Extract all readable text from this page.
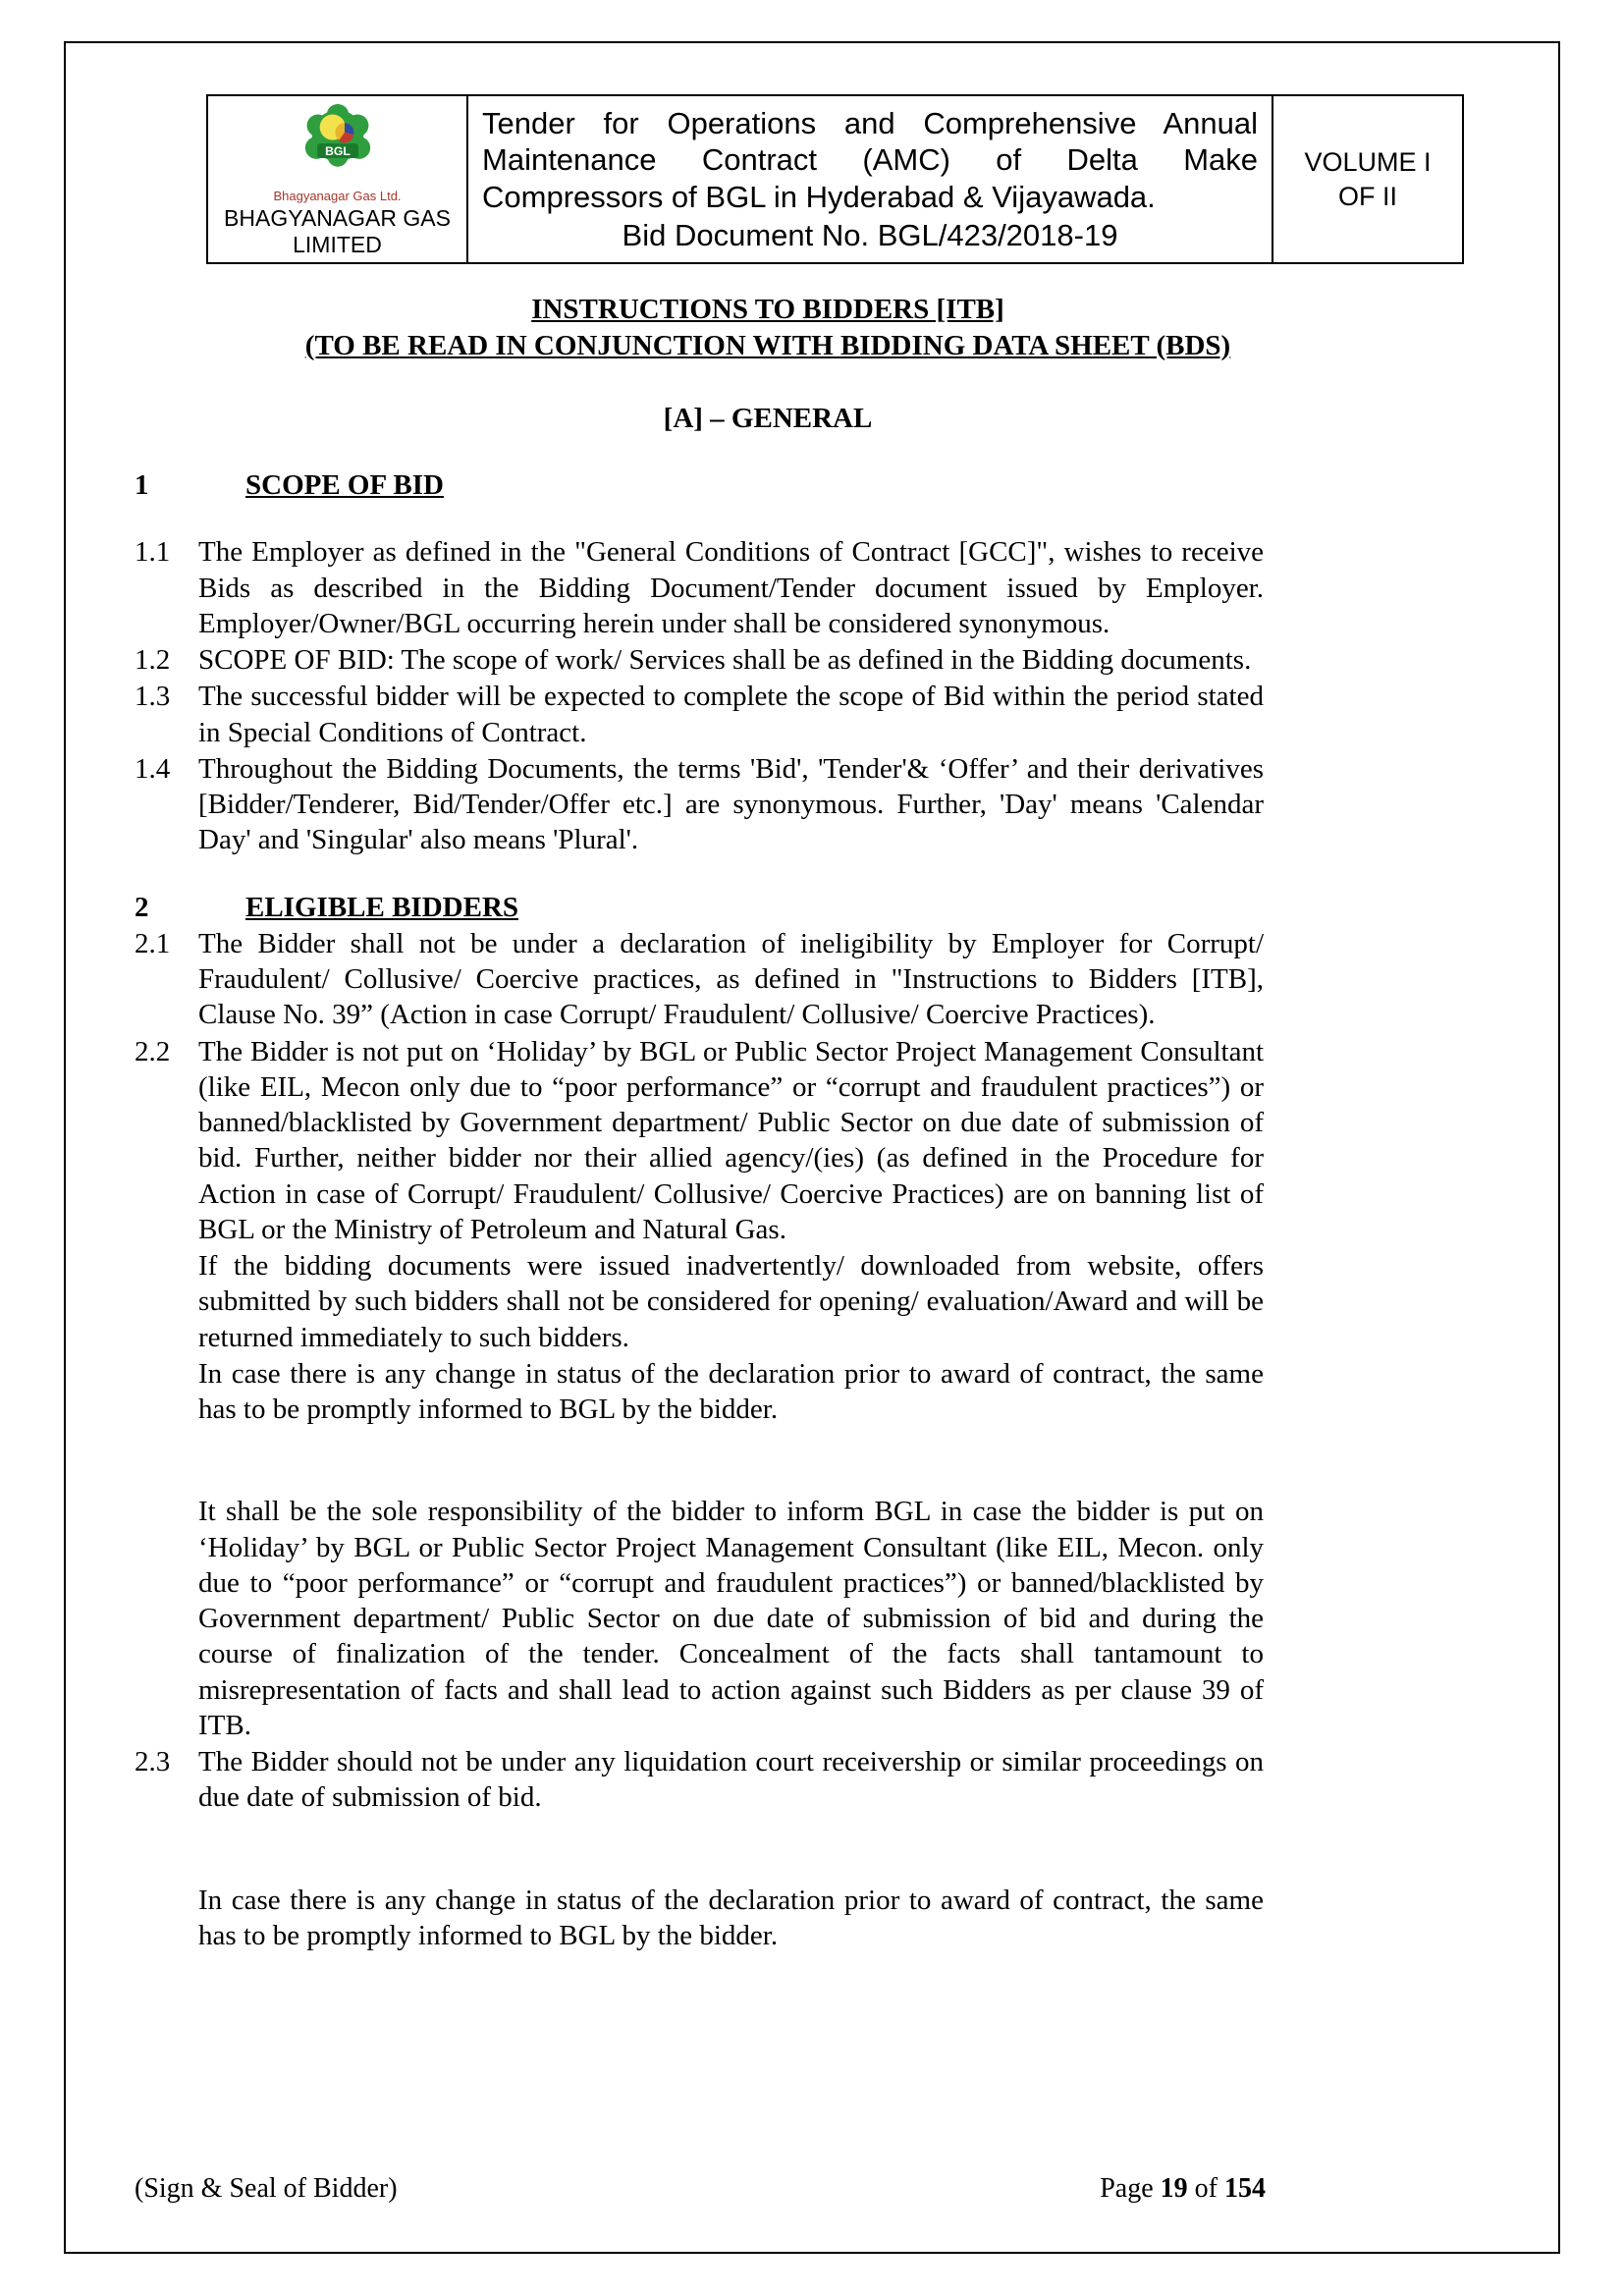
BGL
Bhagyanagar Gas Ltd.
BHAGYANAGAR GAS LIMITED

Tender for Operations and Comprehensive Annual Maintenance Contract (AMC) of Delta Make Compressors of BGL in Hyderabad & Vijayawada.

Bid Document No. BGL/423/2018-19

VOLUME I
OF II
INSTRUCTIONS TO BIDDERS [ITB]
(TO BE READ IN CONJUNCTION WITH BIDDING DATA SHEET (BDS)
[A] – GENERAL
1	SCOPE OF BID
1.1 The Employer as defined in the "General Conditions of Contract [GCC]", wishes to receive Bids as described in the Bidding Document/Tender document issued by Employer. Employer/Owner/BGL occurring herein under shall be considered synonymous.
1.2 SCOPE OF BID: The scope of work/ Services shall be as defined in the Bidding documents.
1.3 The successful bidder will be expected to complete the scope of Bid within the period stated in Special Conditions of Contract.
1.4 Throughout the Bidding Documents, the terms 'Bid', 'Tender'& ‘Offer’ and their derivatives [Bidder/Tenderer, Bid/Tender/Offer etc.] are synonymous. Further, 'Day' means 'Calendar Day' and 'Singular' also means 'Plural'.
2	ELIGIBLE BIDDERS
2.1 The Bidder shall not be under a declaration of ineligibility by Employer for Corrupt/ Fraudulent/ Collusive/ Coercive practices, as defined in "Instructions to Bidders [ITB], Clause No. 39” (Action in case Corrupt/ Fraudulent/ Collusive/ Coercive Practices).
2.2 The Bidder is not put on ‘Holiday’ by BGL or Public Sector Project Management Consultant (like EIL, Mecon only due to “poor performance” or “corrupt and fraudulent practices”) or banned/blacklisted by Government department/ Public Sector on due date of submission of bid. Further, neither bidder nor their allied agency/(ies) (as defined in the Procedure for Action in case of Corrupt/ Fraudulent/ Collusive/ Coercive Practices) are on banning list of BGL or the Ministry of Petroleum and Natural Gas.
If the bidding documents were issued inadvertently/ downloaded from website, offers submitted by such bidders shall not be considered for opening/ evaluation/Award and will be returned immediately to such bidders.
In case there is any change in status of the declaration prior to award of contract, the same has to be promptly informed to BGL by the bidder.
It shall be the sole responsibility of the bidder to inform BGL in case the bidder is put on ‘Holiday’ by BGL or Public Sector Project Management Consultant (like EIL, Mecon. only due to “poor performance” or “corrupt and fraudulent practices”) or banned/blacklisted by Government department/ Public Sector on due date of submission of bid and during the course of finalization of the tender. Concealment of the facts shall tantamount to misrepresentation of facts and shall lead to action against such Bidders as per clause 39 of ITB.
2.3 The Bidder should not be under any liquidation court receivership or similar proceedings on due date of submission of bid.
In case there is any change in status of the declaration prior to award of contract, the same has to be promptly informed to BGL by the bidder.
(Sign & Seal of Bidder)	Page 19 of 154
